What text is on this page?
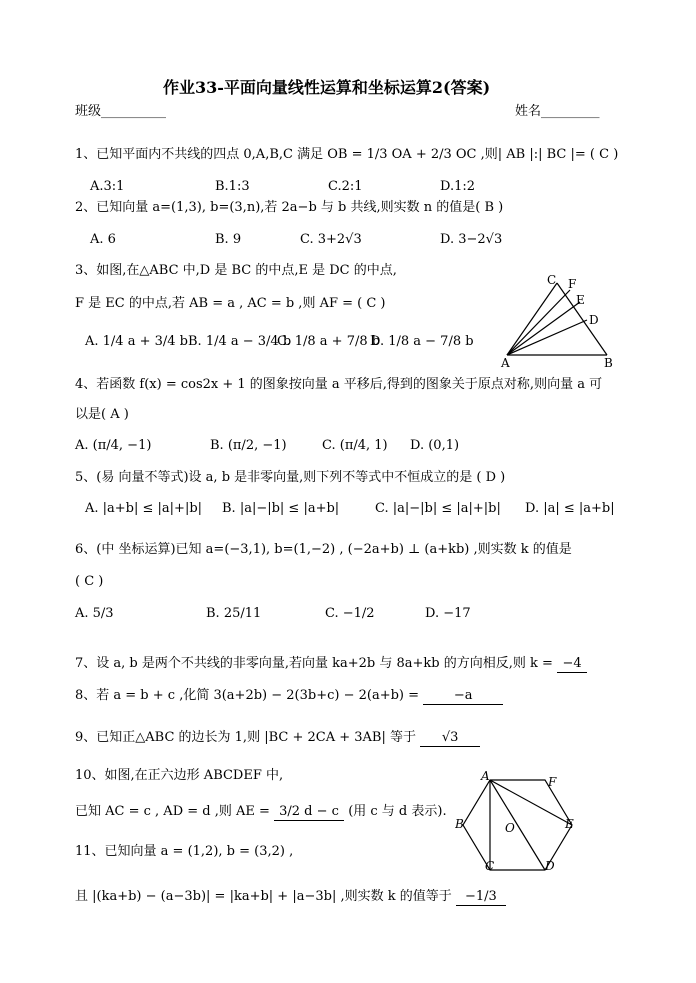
作业33-平面向量线性运算和坐标运算2(答案)
班级__________	姓名_________
1、已知平面内不共线的四点 0,A,B,C 满足 OB = 1/3 OA + 2/3 OC ,则| AB |:| BC |= ( C )
A.3:1	B.1:3	C.2:1	D.1:2
2、已知向量 a=(1,3), b=(3,n),若 2a−b 与 b 共线,则实数 n 的值是( B )
A. 6	B. 9	C. 3+2√3	D. 3−2√3
3、如图,在△ABC 中,D 是 BC 的中点,E 是 DC 的中点,
F 是 EC 的中点,若 AB = a , AC = b ,则 AF = ( C )
A. 1/4 a + 3/4 b B. 1/4 a − 3/4 b
C. 1/8 a + 7/8 b
D. 1/8 a − 7/8 b
C F
E
D
A	B
4、若函数 f(x) = cos2x + 1 的图象按向量 a 平移后,得到的图象关于原点对称,则向量 a 可
以是( A )
A. (π/4, −1)	B. (π/2, −1)	C. (π/4, 1) D. (0,1)
5、(易 向量不等式)设 a, b 是非零向量,则下列不等式中不恒成立的是 ( D )
A. |a+b| ≤ |a|+|b| B. |a|−|b| ≤ |a+b|	C. |a|−|b| ≤ |a|+|b| D. |a| ≤ |a+b|
6、(中 坐标运算)已知 a=(−3,1), b=(1,−2) , (−2a+b) ⊥ (a+kb) ,则实数 k 的值是
( C )
A. 5/3	B. 25/11	C. −1/2	D. −17
7、设 a, b 是两个不共线的非零向量,若向量 ka+2b 与 8a+kb 的方向相反,则 k = −4
8、若 a = b + c ,化简 3(a+2b) − 2(3b+c) − 2(a+b) =	−a
9、已知正△ABC 的边长为 1,则 |BC + 2CA + 3AB| 等于 √3
10、如图,在正六边形 ABCDEF 中,
已知 AC = c , AD = d ,则 AE = 3/2 d − c (用 c 与 d 表示).
A	F
B	E
O
C	D
11、已知向量 a = (1,2), b = (3,2) ,
且 |(ka+b) − (a−3b)| = |ka+b| + |a−3b| ,则实数 k 的值等于 −1/3
